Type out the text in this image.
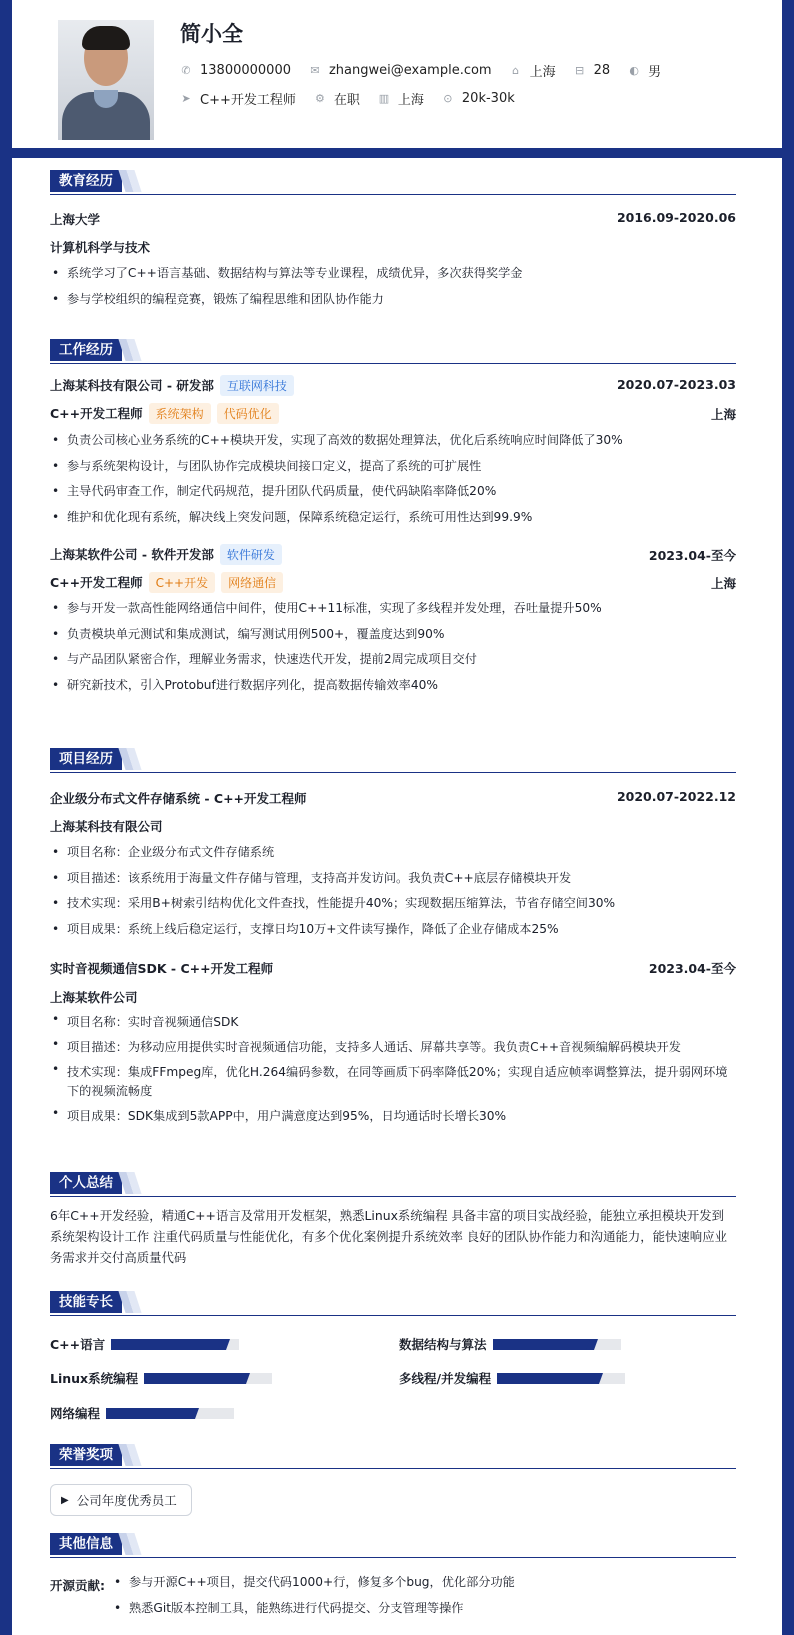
简小全
✆ 13800000000 ✉ zhangwei@example.com ⌂ 上海 ⊟ 28 ◐ 男
➤ C++开发工程师 ⚙ 在职 ▥ 上海 ⊙ 20k-30k
教育经历
上海大学	2016.09-2020.06
计算机科学与技术
• 系统学习了C++语言基础、数据结构与算法等专业课程，成绩优异，多次获得奖学金
• 参与学校组织的编程竞赛，锻炼了编程思维和团队协作能力
工作经历
上海某科技有限公司 - 研发部 互联网科技	2020.07-2023.03
C++开发工程师 系统架构 代码优化	上海
• 负责公司核心业务系统的C++模块开发，实现了高效的数据处理算法，优化后系统响应时间降低了30%
• 参与系统架构设计，与团队协作完成模块间接口定义，提高了系统的可扩展性
• 主导代码审查工作，制定代码规范，提升团队代码质量，使代码缺陷率降低20%
• 维护和优化现有系统，解决线上突发问题，保障系统稳定运行，系统可用性达到99.9%
上海某软件公司 - 软件开发部 软件研发	2023.04-至今
C++开发工程师 C++开发 网络通信	上海
• 参与开发一款高性能网络通信中间件，使用C++11标准，实现了多线程并发处理，吞吐量提升50%
• 负责模块单元测试和集成测试，编写测试用例500+，覆盖度达到90%
• 与产品团队紧密合作，理解业务需求，快速迭代开发，提前2周完成项目交付
• 研究新技术，引入Protobuf进行数据序列化，提高数据传输效率40%
项目经历
企业级分布式文件存储系统 - C++开发工程师	2020.07-2022.12
上海某科技有限公司
• 项目名称：企业级分布式文件存储系统
• 项目描述：该系统用于海量文件存储与管理，支持高并发访问。我负责C++底层存储模块开发
• 技术实现：采用B+树索引结构优化文件查找，性能提升40%；实现数据压缩算法，节省存储空间30%
• 项目成果：系统上线后稳定运行，支撑日均10万+文件读写操作，降低了企业存储成本25%
实时音视频通信SDK - C++开发工程师	2023.04-至今
上海某软件公司
• 项目名称：实时音视频通信SDK
• 项目描述：为移动应用提供实时音视频通信功能，支持多人通话、屏幕共享等。我负责C++音视频编解码模块开发
• 技术实现：集成FFmpeg库，优化H.264编码参数，在同等画质下码率降低20%；实现自适应帧率调整算法，提升弱网环境下的视频流畅度
• 项目成果：SDK集成到5款APP中，用户满意度达到95%，日均通话时长增长30%
个人总结
6年C++开发经验，精通C++语言及常用开发框架，熟悉Linux系统编程 具备丰富的项目实战经验，能独立承担模块开发到系统架构设计工作 注重代码质量与性能优化，有多个优化案例提升系统效率 良好的团队协作能力和沟通能力，能快速响应业务需求并交付高质量代码
技能专长
C++语言	数据结构与算法
Linux系统编程	多线程/并发编程
网络编程
荣誉奖项
▶ 公司年度优秀员工
其他信息
开源贡献:
•	参与开源C++项目，提交代码1000+行，修复多个bug，优化部分功能
• 熟悉Git版本控制工具，能熟练进行代码提交、分支管理等操作
